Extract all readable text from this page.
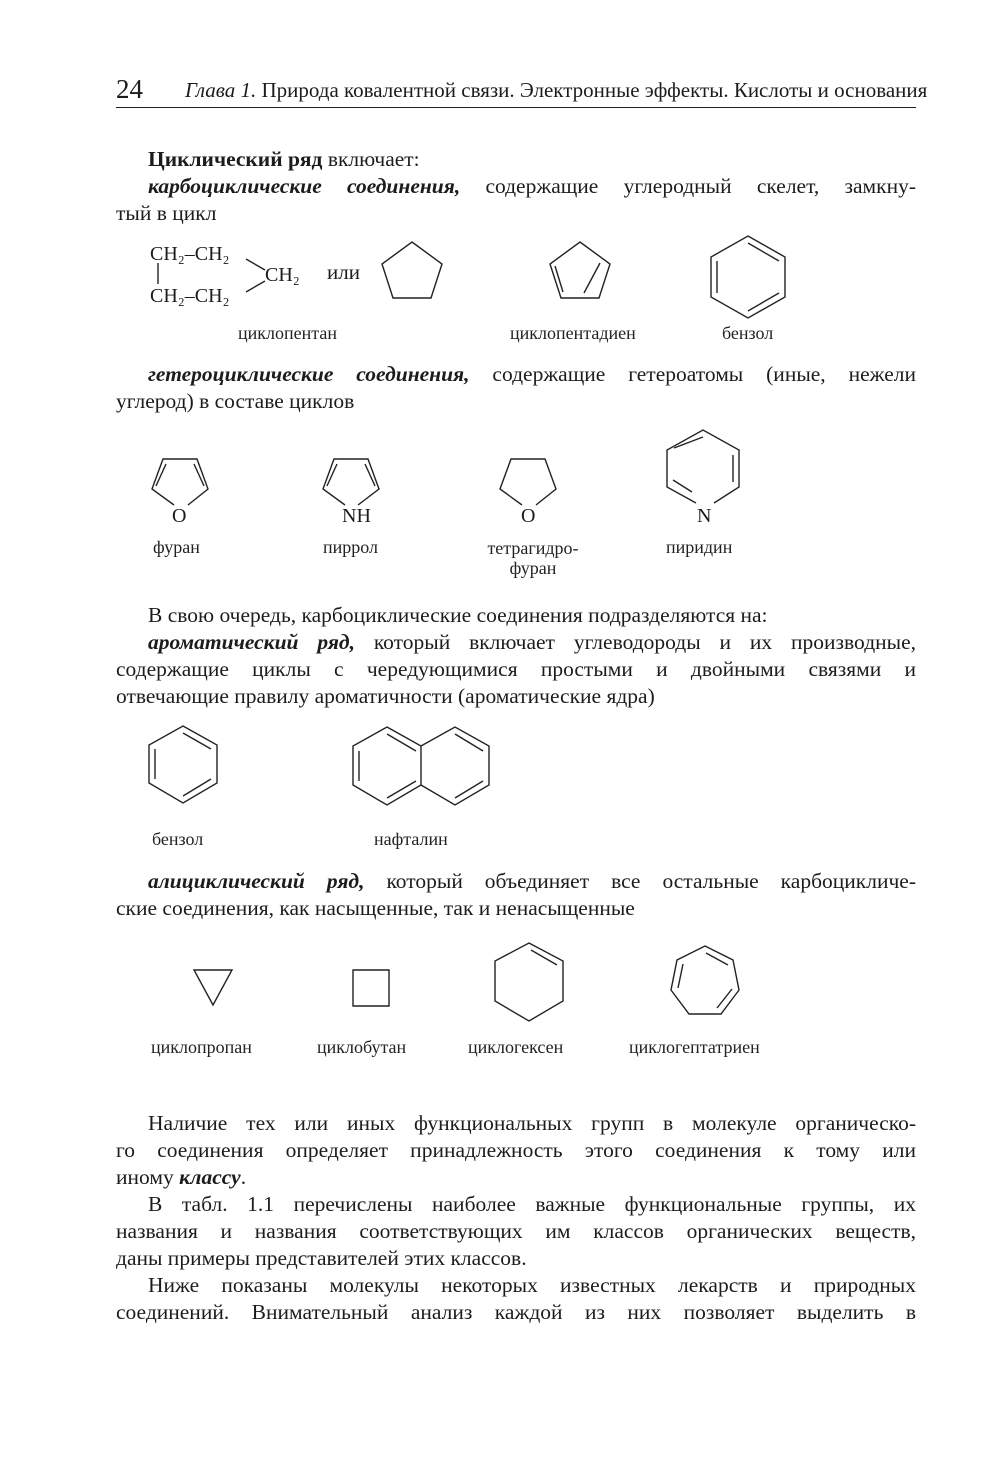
24 Глава 1. Природа ковалентной связи. Электронные эффекты. Кислоты и основания
Циклический ряд включает:
карбоциклические соединения, содержащие углеродный скелет, замкну-
тый в цикл
CH₂–CH₂
CH₂–CH₂
CH₂ или
O	NH	O	N
циклопентан	циклопентадиен	бензол
гетероциклические соединения, содержащие гетероатомы (иные, нежели
углерод) в составе циклов
фуран	пиррол	тетрагидро-
фуран
пиридин
В свою очередь, карбоциклические соединения подразделяются на:
ароматический ряд, который включает углеводороды и их производные,
содержащие циклы с чередующимися простыми и двойными связями и
отвечающие правилу ароматичности (ароматические ядра)
бензол	нафталин
алициклический ряд, который объединяет все остальные карбоцикличе-
ские соединения, как насыщенные, так и ненасыщенные
циклопропан	циклобутан	циклогексен	циклогептатриен
Наличие тех или иных функциональных групп в молекуле органическо-
го соединения определяет принадлежность этого соединения к тому или
иному классу.
В табл. 1.1 перечислены наиболее важные функциональные группы, их
названия и названия соответствующих им классов органических веществ,
даны примеры представителей этих классов.
Ниже показаны молекулы некоторых известных лекарств и природных
соединений. Внимательный анализ каждой из них позволяет выделить в
